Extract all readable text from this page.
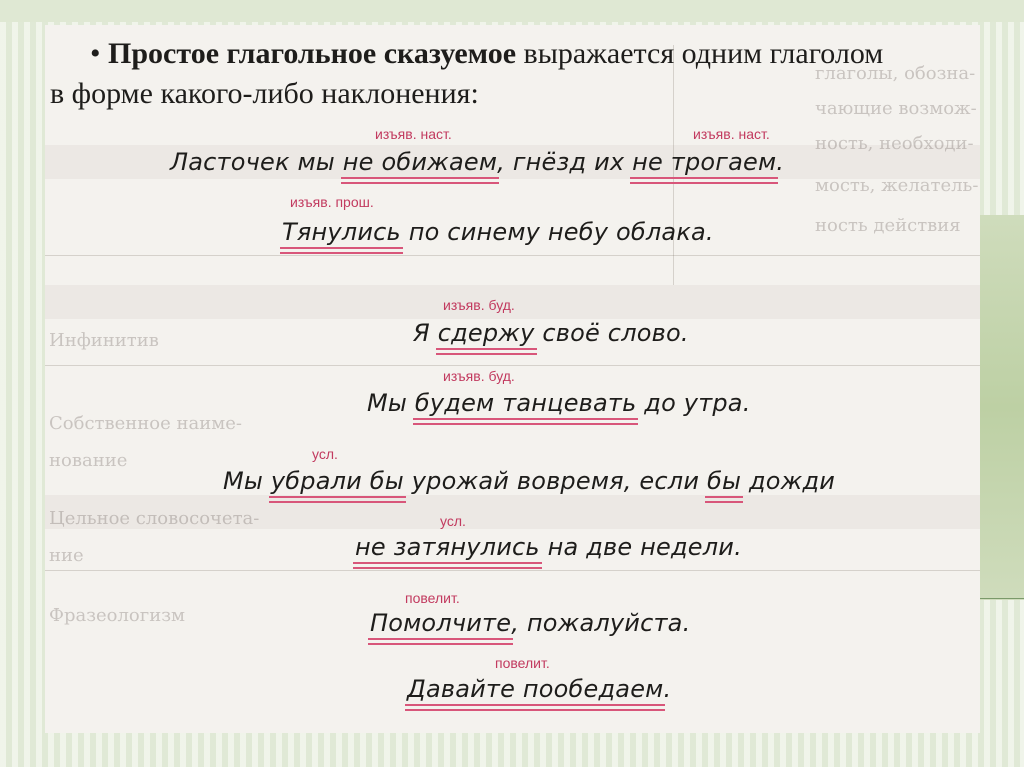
глаголы, обозна-
чающие возмож-
ность, необходи-
мость, желатель-
ность действия
Инфинитив
Собственное наиме-
нование
Цельное словосочета-
ние
Фразеологизм
• Простое глагольное сказуемое выражается одним глаголом
в форме какого-либо наклонения:
изъяв. наст.	изъяв. наст.
Ласточек мы не обижаем, гнёзд их не трогаем.
изъяв. прош.
Тянулись по синему небу облака.
изъяв. буд.
Я сдержу своё слово.
изъяв. буд.
Мы будем танцевать до утра.
усл.
Мы убрали бы урожай вовремя, если бы дожди
усл.
не затянулись на две недели.
повелит.
Помолчите, пожалуйста.
повелит.
Давайте пообедаем.
